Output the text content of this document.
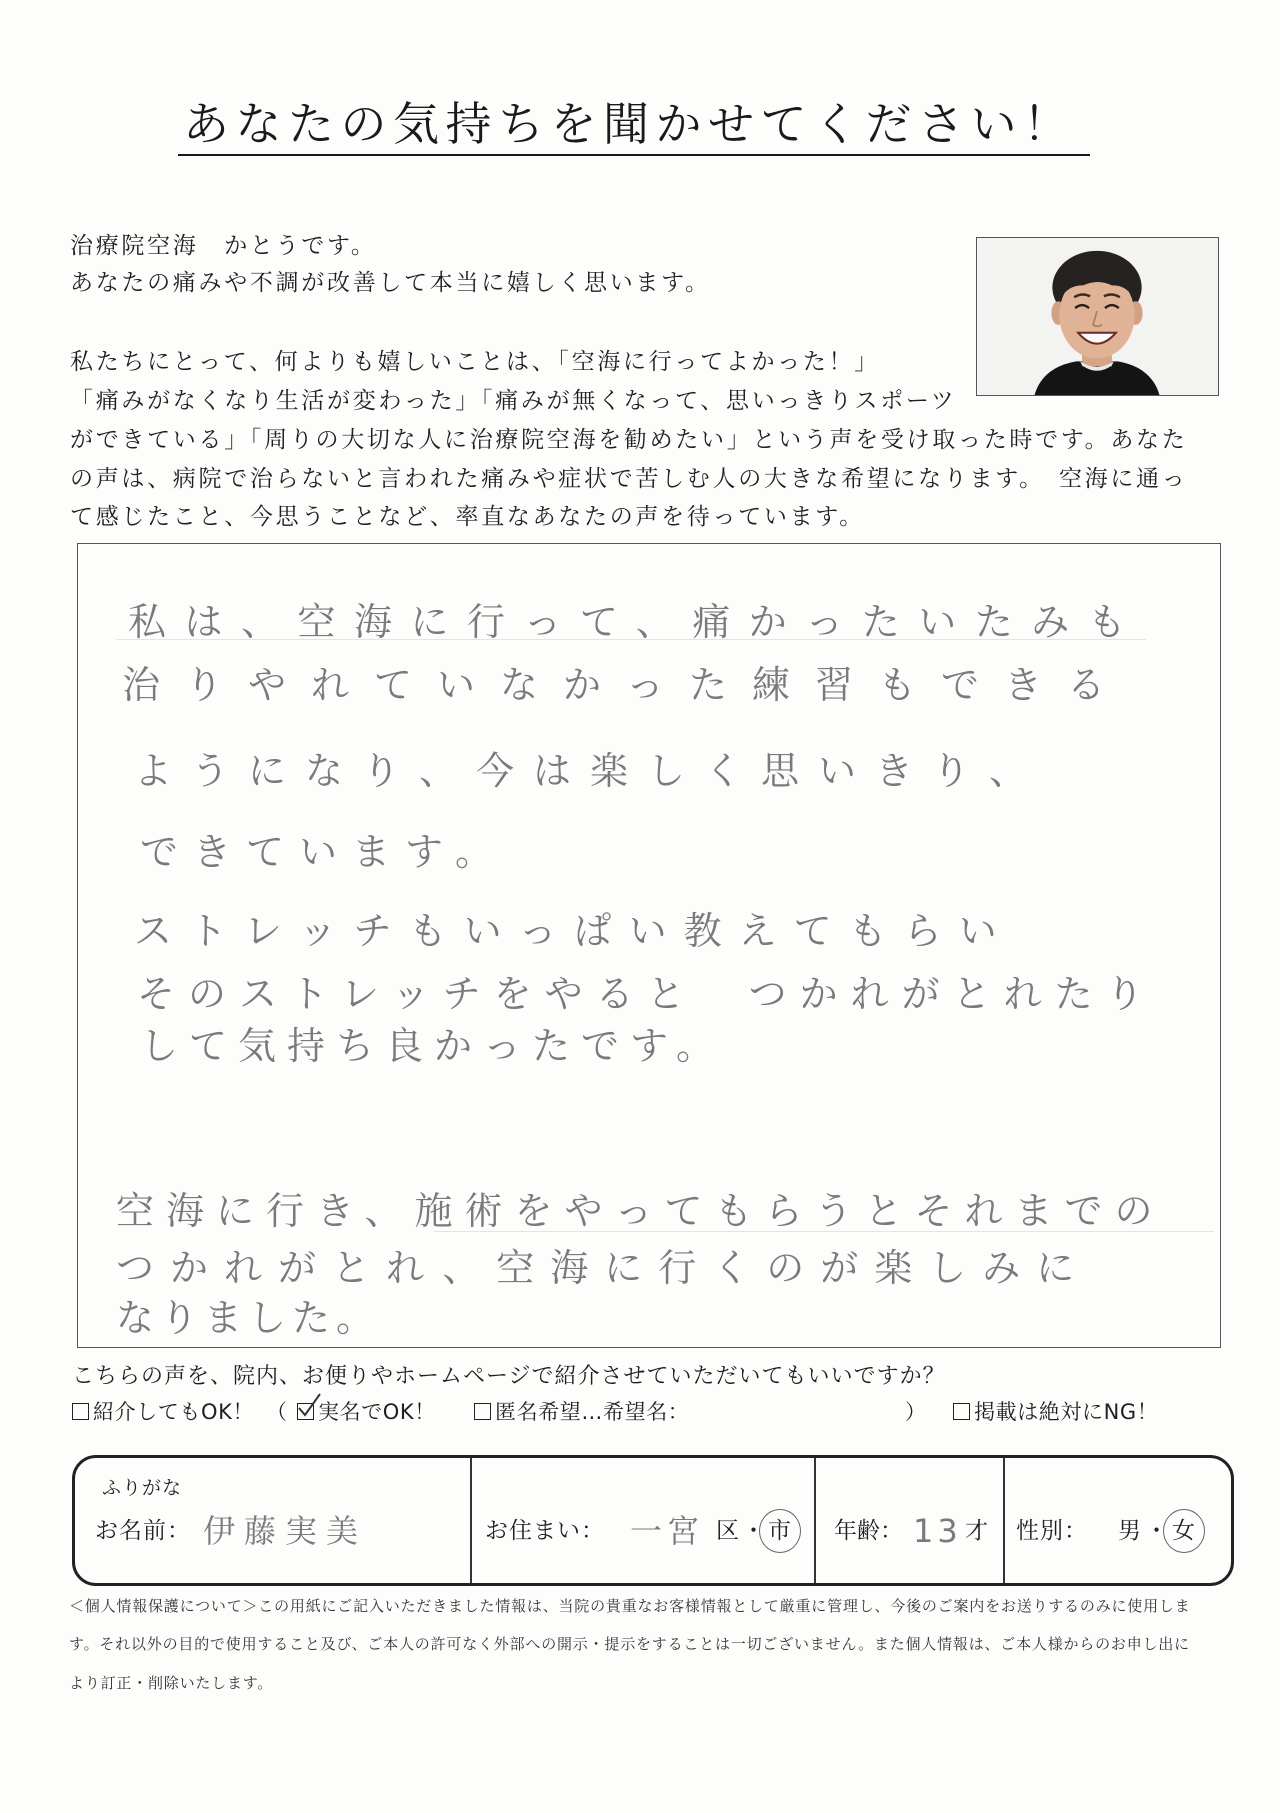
あなたの気持ちを聞かせてください！
治療院空海　かとうです。
あなたの痛みや不調が改善して本当に嬉しく思います。
私たちにとって、何よりも嬉しいことは、「空海に行ってよかった！」
「痛みがなくなり生活が変わった」「痛みが無くなって、思いっきりスポーツ
ができている」「周りの大切な人に治療院空海を勧めたい」という声を受け取った時です。あなた
の声は、病院で治らないと言われた痛みや症状で苦しむ人の大きな希望になります。　空海に通っ
て感じたこと、今思うことなど、率直なあなたの声を待っています。
私は、空海に行って、痛かったいたみも
治りやれていなかった練習もできる
ようになり、今は楽しく思いきり、
できています。
ストレッチもいっぱい教えてもらい
そのストレッチをやると　つかれがとれたり
して気持ち良かったです。
空海に行き、施術をやってもらうとそれまでの
つかれがとれ、空海に行くのが楽しみに
なりました。
こちらの声を、院内、お便りやホームページで紹介させていただいてもいいですか？
紹介してもOK！ （ 実名でOK！	匿名希望…希望名：	） 掲載は絶対にNG！
ふりがな
お名前： 伊藤実美	お住まい： 一宮 区 ・ 市 年齢： 13 才 性別： 男 ・ 女
＜個人情報保護について＞この用紙にご記入いただきました情報は、当院の貴重なお客様情報として厳重に管理し、今後のご案内をお送りするのみに使用しま
す。それ以外の目的で使用すること及び、ご本人の許可なく外部への開示・提示をすることは一切ございません。また個人情報は、ご本人様からのお申し出に
より訂正・削除いたします。
